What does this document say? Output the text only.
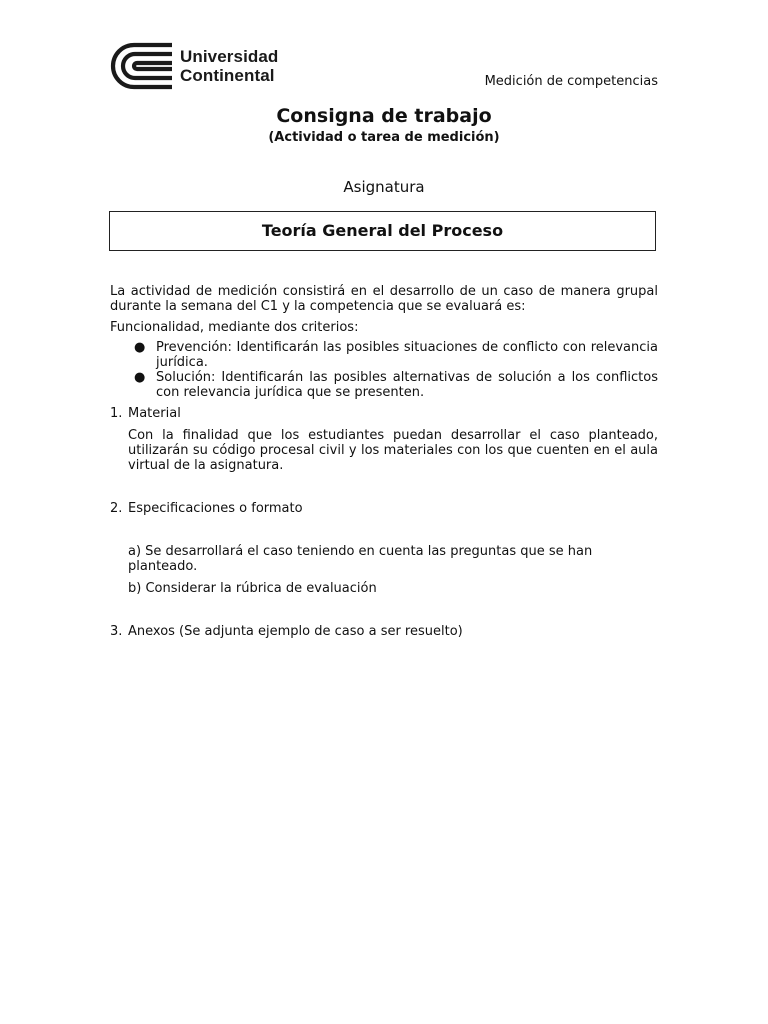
Universidad
Continental	Medición de competencias
Consigna de trabajo
(Actividad o tarea de medición)
Asignatura
Teoría General del Proceso

La actividad de medición consistirá en el desarrollo de un caso de manera grupal durante la semana del C1 y la competencia que se evaluará es:

Funcionalidad, mediante dos criterios:

● Prevención: Identificarán las posibles situaciones de conflicto con relevancia jurídica.
● Solución: Identificarán las posibles alternativas de solución a los conflictos con relevancia jurídica que se presenten.
1. Material
Con la finalidad que los estudiantes puedan desarrollar el caso planteado, utilizarán su código procesal civil y los materiales con los que cuenten en el aula virtual de la asignatura.
2. Especificaciones o formato
a) Se desarrollará el caso teniendo en cuenta las preguntas que se han planteado.
b) Considerar la rúbrica de evaluación
3. Anexos (Se adjunta ejemplo de caso a ser resuelto)
